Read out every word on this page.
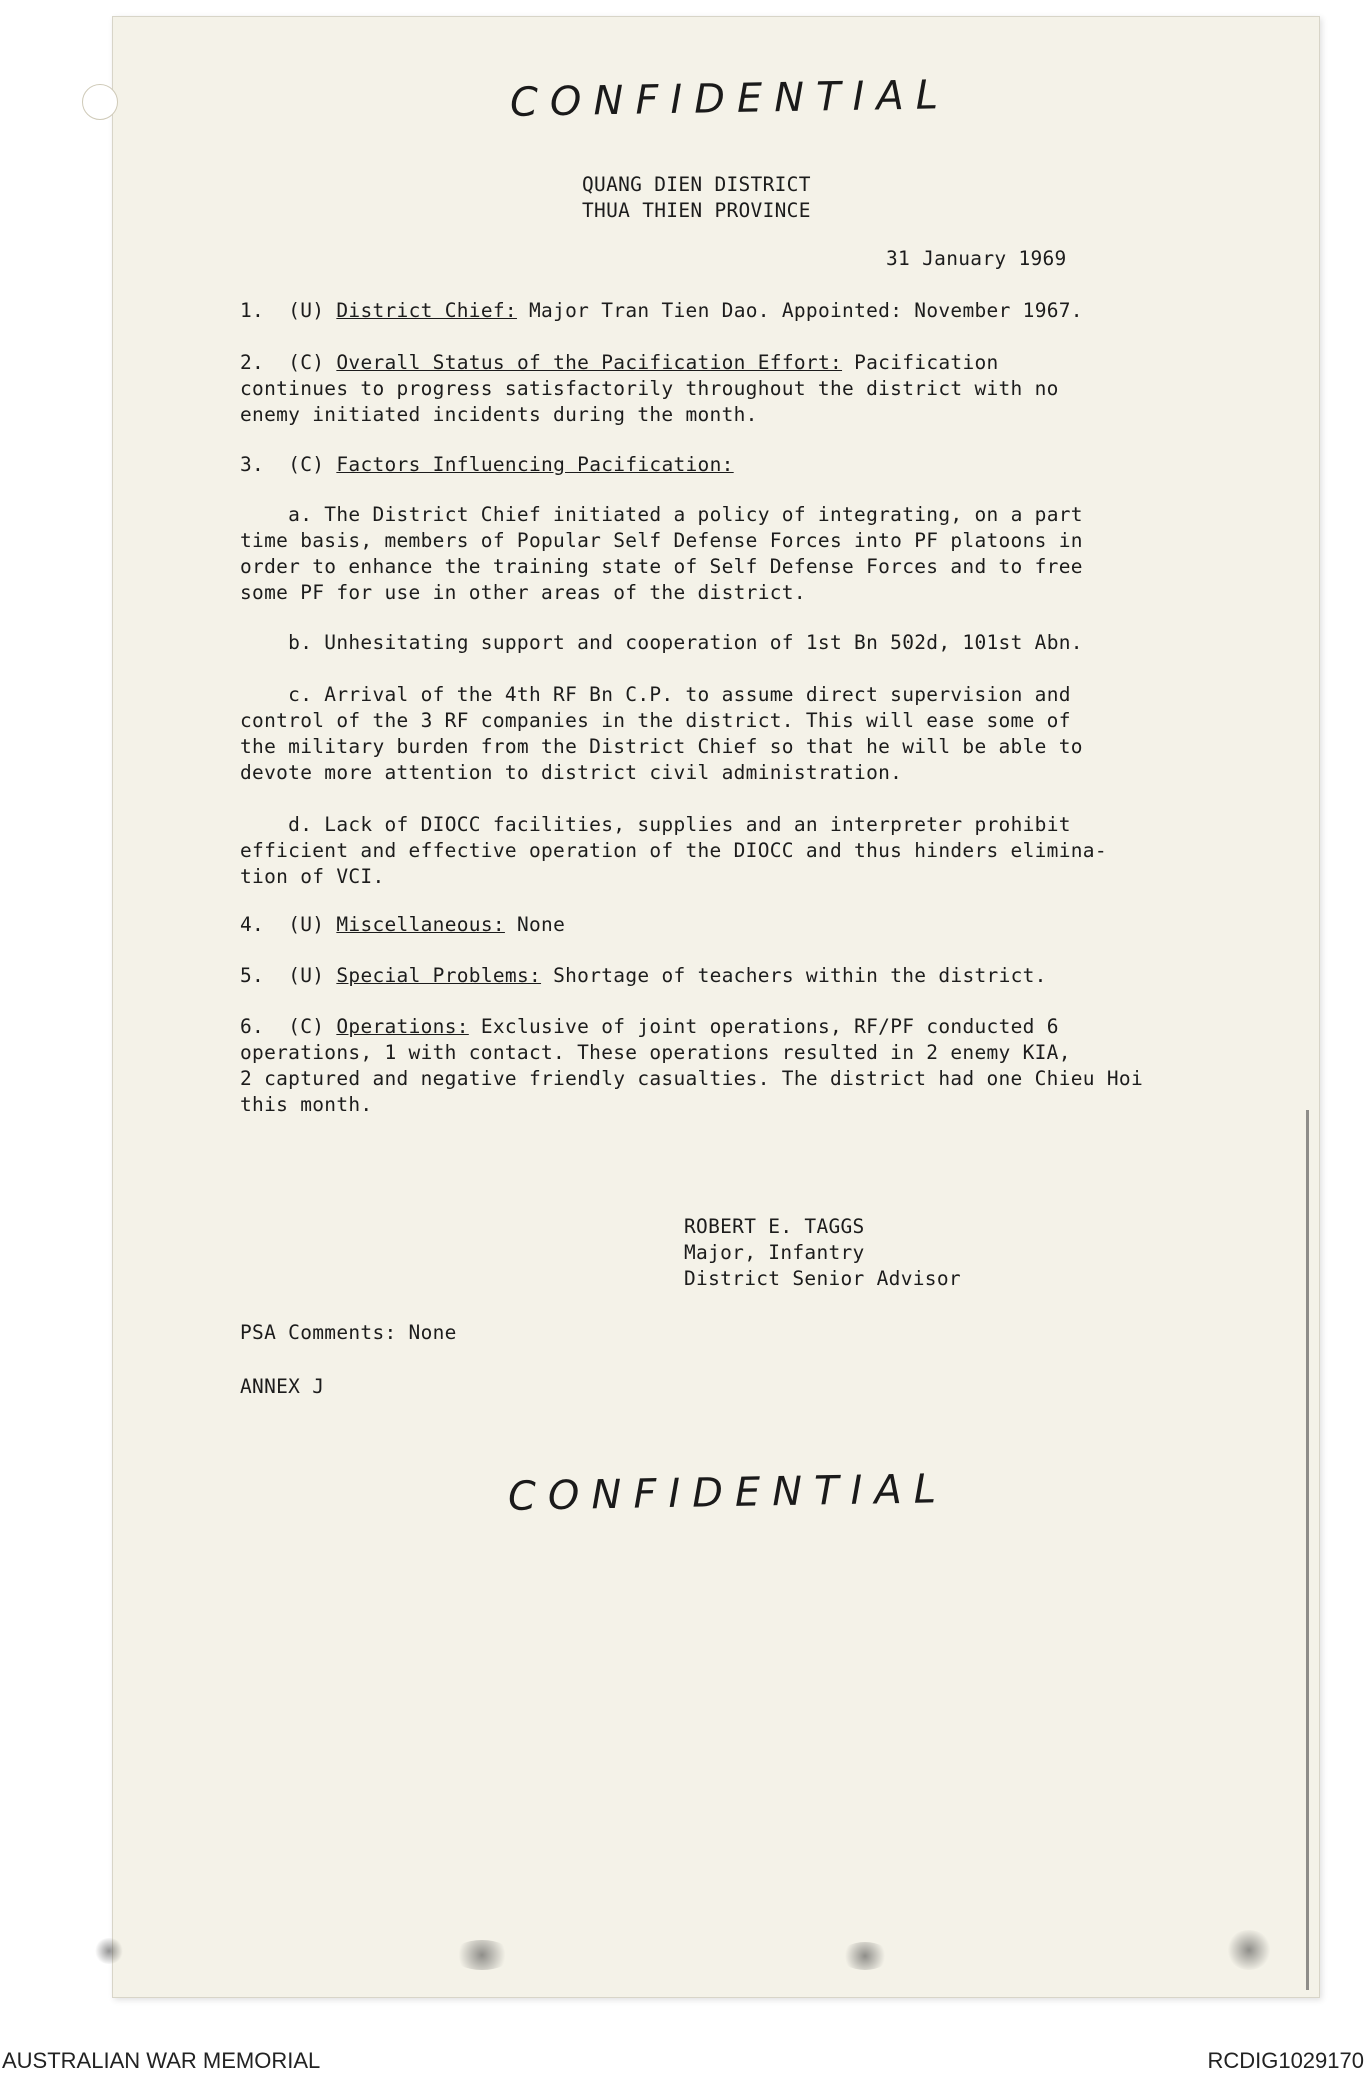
CONFIDENTIAL
QUANG DIEN DISTRICT
THUA THIEN PROVINCE
31 January 1969
1. (U) District Chief: Major Tran Tien Dao. Appointed: November 1967.
2. (C) Overall Status of the Pacification Effort: Pacification
continues to progress satisfactorily throughout the district with no
enemy initiated incidents during the month.
3. (C) Factors Influencing Pacification:
a. The District Chief initiated a policy of integrating, on a part
time basis, members of Popular Self Defense Forces into PF platoons in
order to enhance the training state of Self Defense Forces and to free
some PF for use in other areas of the district.
b. Unhesitating support and cooperation of 1st Bn 502d, 101st Abn.
c. Arrival of the 4th RF Bn C.P. to assume direct supervision and
control of the 3 RF companies in the district. This will ease some of
the military burden from the District Chief so that he will be able to
devote more attention to district civil administration.
d. Lack of DIOCC facilities, supplies and an interpreter prohibit
efficient and effective operation of the DIOCC and thus hinders elimina-
tion of VCI.
4. (U) Miscellaneous: None
5. (U) Special Problems: Shortage of teachers within the district.
6. (C) Operations: Exclusive of joint operations, RF/PF conducted 6
operations, 1 with contact. These operations resulted in 2 enemy KIA,
2 captured and negative friendly casualties. The district had one Chieu Hoi
this month.
ROBERT E. TAGGS
Major, Infantry
District Senior Advisor
PSA Comments: None
ANNEX J
CONFIDENTIAL
AUSTRALIAN WAR MEMORIAL	RCDIG1029170
